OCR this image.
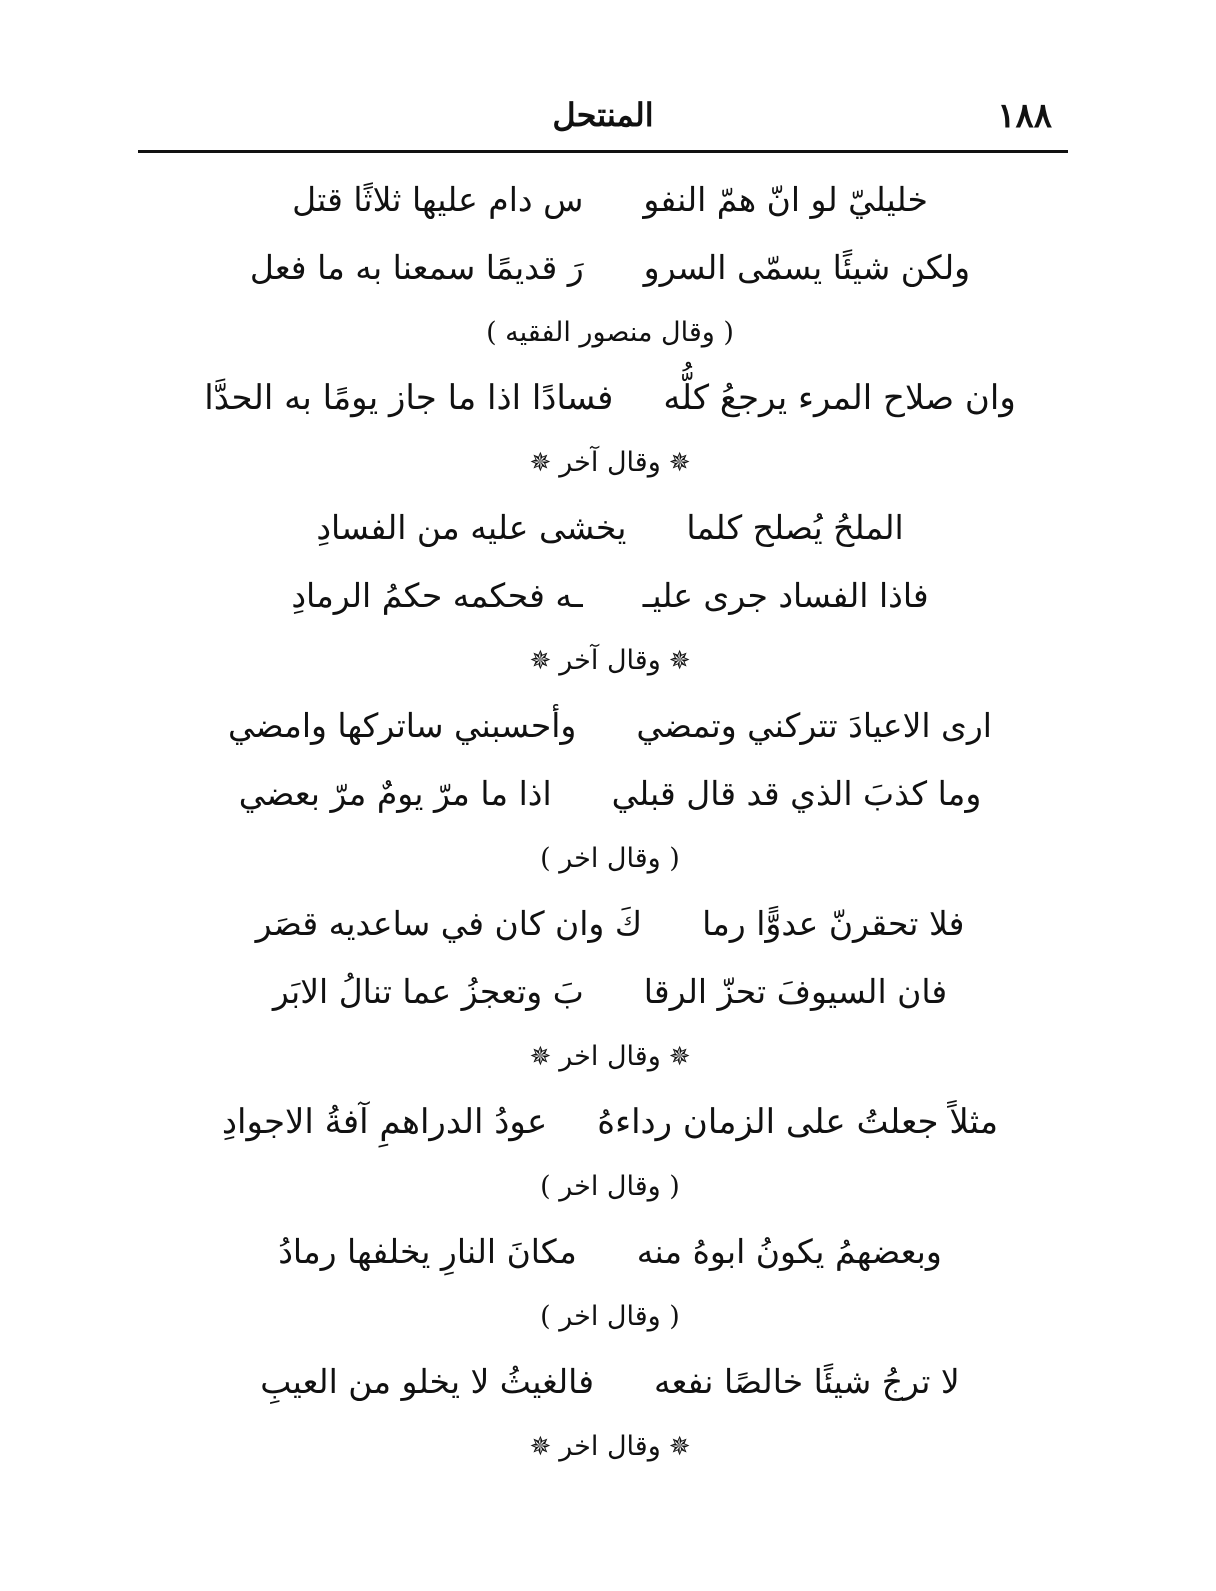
١٨٨
المنتحل
خليليّ لو انّ همّ النفو
س دام عليها ثلاثًا قتل
ولكن شيئًا يسمّى السرو
رَ قديمًا سمعنا به ما فعل
( وقال منصور الفقيه )
وان صلاح المرء يرجعُ كلُّه
فسادًا اذا ما جاز يومًا به الحدَّا
✵وقال آخر✵
الملحُ يُصلح كلما
يخشى عليه من الفسادِ
فاذا الفساد جرى عليـ
ـه فحكمه حكمُ الرمادِ
✵وقال آخر✵
ارى الاعيادَ تتركني وتمضي
وأحسبني ساتركها وامضي
وما كذبَ الذي قد قال قبلي
اذا ما مرّ يومٌ مرّ بعضي
( وقال اخر )
فلا تحقرنّ عدوًّا رما
كَ وان كان في ساعديه قصَر
فان السيوفَ تحزّ الرقا
بَ وتعجزُ عما تنالُ الابَر
✵وقال اخر✵
مثلاً جعلتُ على الزمان رداءهُ
عودُ الدراهمِ آفةُ الاجوادِ
( وقال اخر )
وبعضهمُ يكونُ ابوهُ منه
مكانَ النارِ يخلفها رمادُ
( وقال اخر )
لا ترجُ شيئًا خالصًا نفعه
فالغيثُ لا يخلو من العيبِ
✵وقال اخر✵
